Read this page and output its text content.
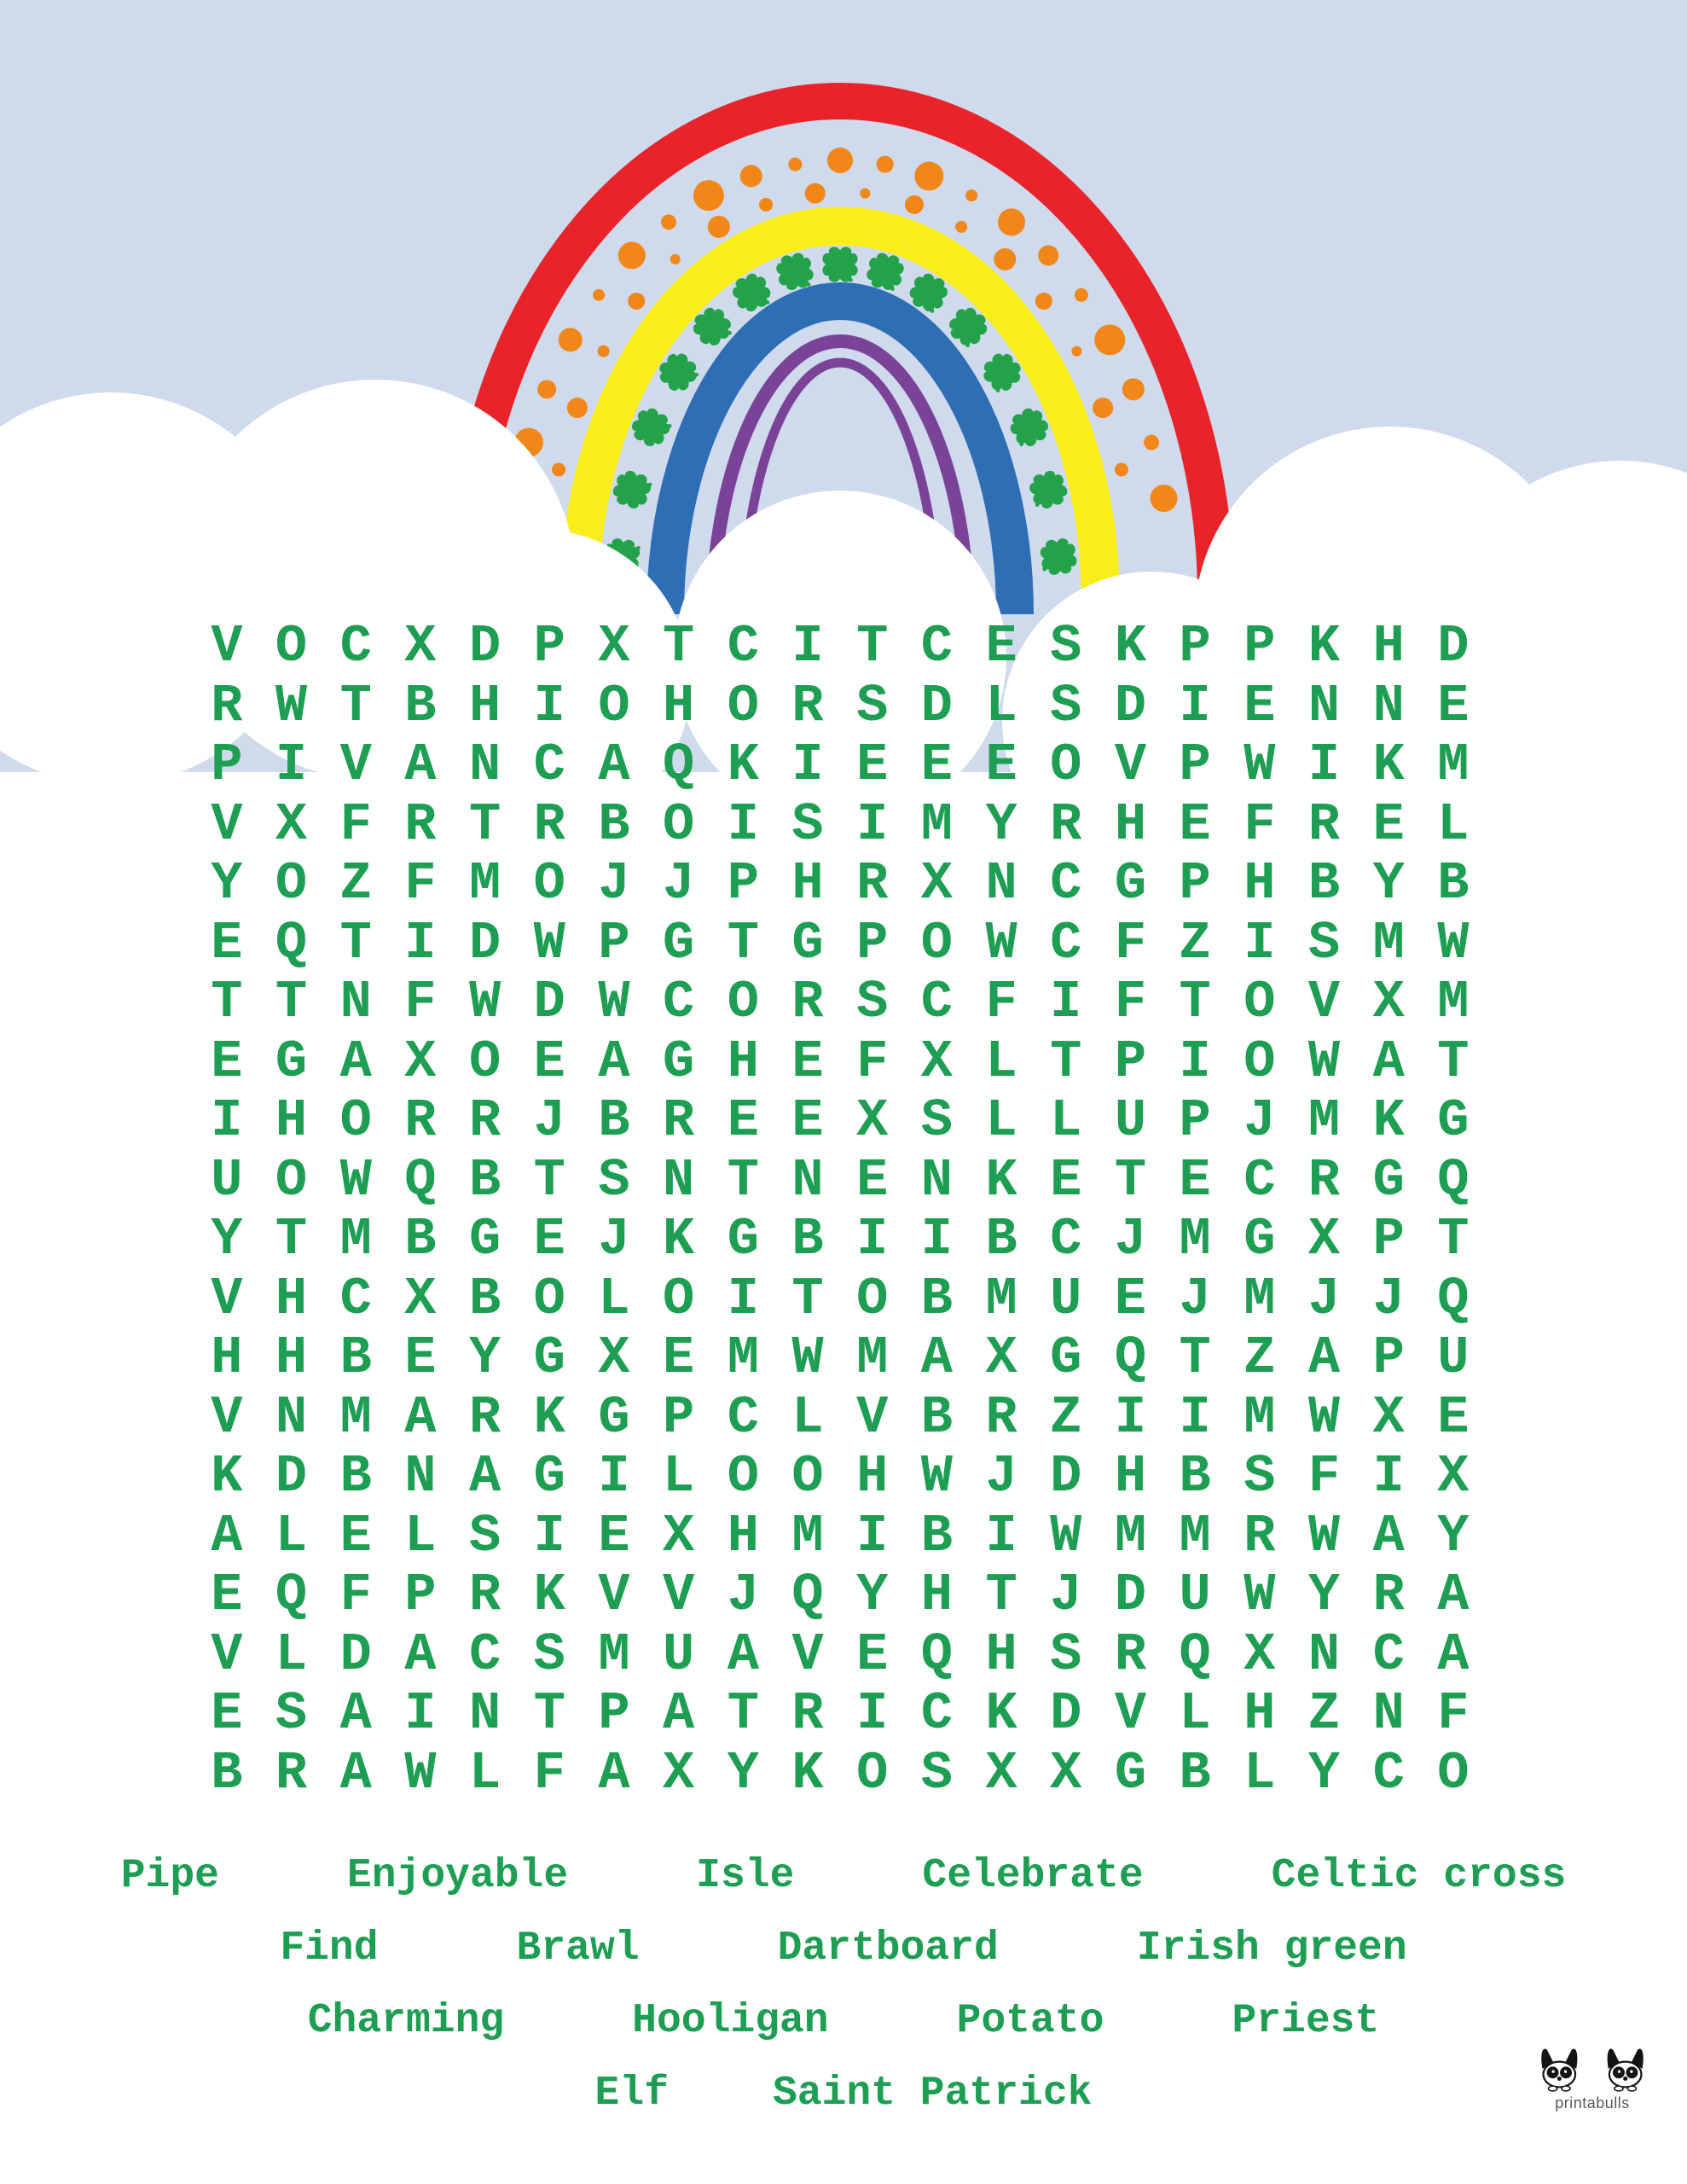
V O C X D P X T C I T C E S K P P K H D
R W T B H I O H O R S D L S D I E N N E
P I V A N C A Q K I E E E O V P W I K M
V X F R T R B O I S I M Y R H E F R E L
Y O Z F M O J J P H R X N C G P H B Y B
E Q T I D W P G T G P O W C F Z I S M W
T T N F W D W C O R S C F I F T O V X M
E G A X O E A G H E F X L T P I O W A T
I H O R R J B R E E X S L L U P J M K G
U O W Q B T S N T N E N K E T E C R G Q
Y T M B G E J K G B I I B C J M G X P T
V H C X B O L O I T O B M U E J M J J Q
H H B E Y G X E M W M A X G Q T Z A P U
V N M A R K G P C L V B R Z I I M W X E
K D B N A G I L O O H W J D H B S F I X
A L E L S I E X H M I B I W M M R W A Y
E Q F P R K V V J Q Y H T J D U W Y R A
V L D A C S M U A V E Q H S R Q X N C A
E S A I N T P A T R I C K D V L H Z N F
B R A W L F A X Y K O S X X G B L Y C O
Pipe	Enjoyable	Isle	Celebrate	Celtic cross
Find	Brawl	Dartboard	Irish green
Charming	Hooligan	Potato	Priest
Elf	Saint Patrick	printabulls
